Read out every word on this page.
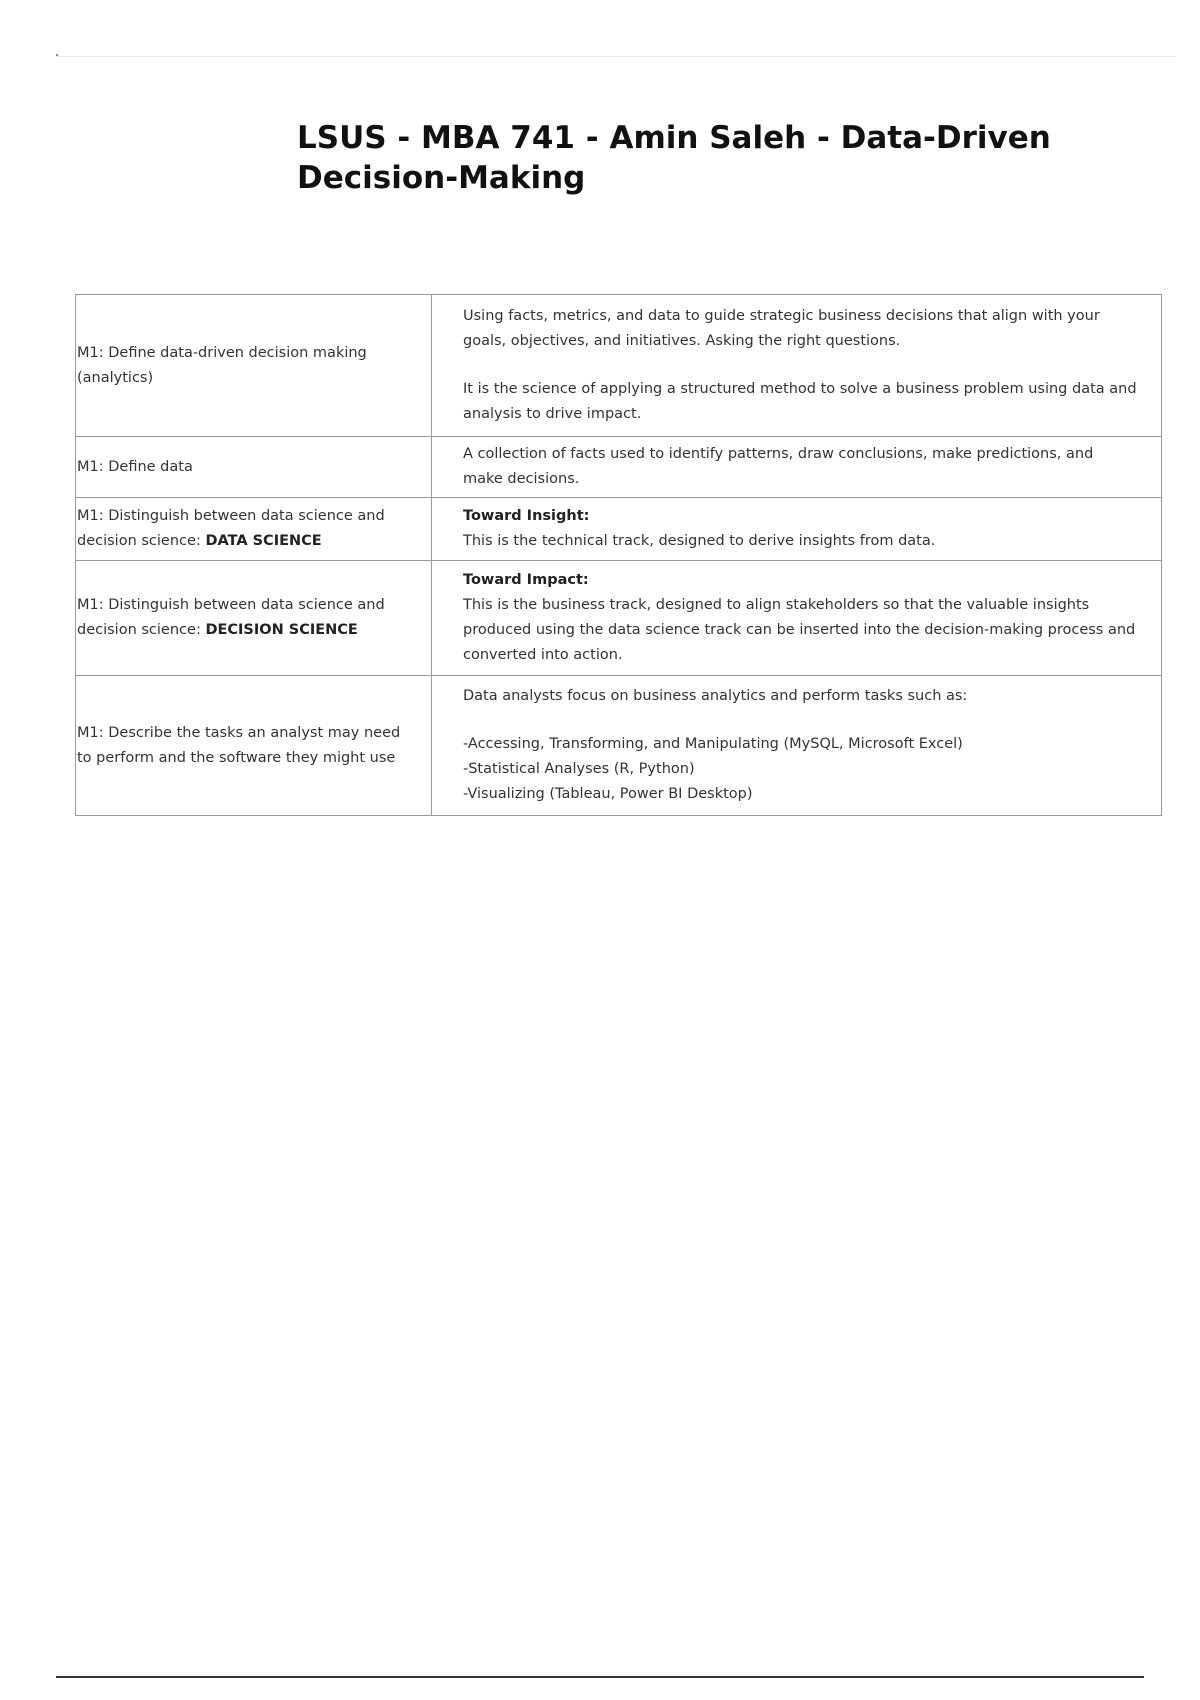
LSUS - MBA 741 - Amin Saleh - Data-Driven Decision-Making
M1: Define data-driven decision making (analytics)	Using facts, metrics, and data to guide strategic business decisions that align with your goals, objectives, and initiatives. Asking the right questions.
It is the science of applying a structured method to solve a business problem using data and analysis to drive impact.

M1: Define data	A collection of facts used to identify patterns, draw conclusions, make predictions, and make decisions.
M1: Distinguish between data science and decision science: DATA SCIENCE	Toward Insight:
This is the technical track, designed to derive insights from data.

M1: Distinguish between data science and decision science: DECISION SCIENCE	Toward Impact:
This is the business track, designed to align stakeholders so that the valuable insights produced using the data science track can be inserted into the decision-making process and converted into action.

M1: Describe the tasks an analyst may need to perform and the software they might use	Data analysts focus on business analytics and perform tasks such as:
-Accessing, Transforming, and Manipulating (MySQL, Microsoft Excel)
-Statistical Analyses (R, Python)
-Visualizing (Tableau, Power BI Desktop)
